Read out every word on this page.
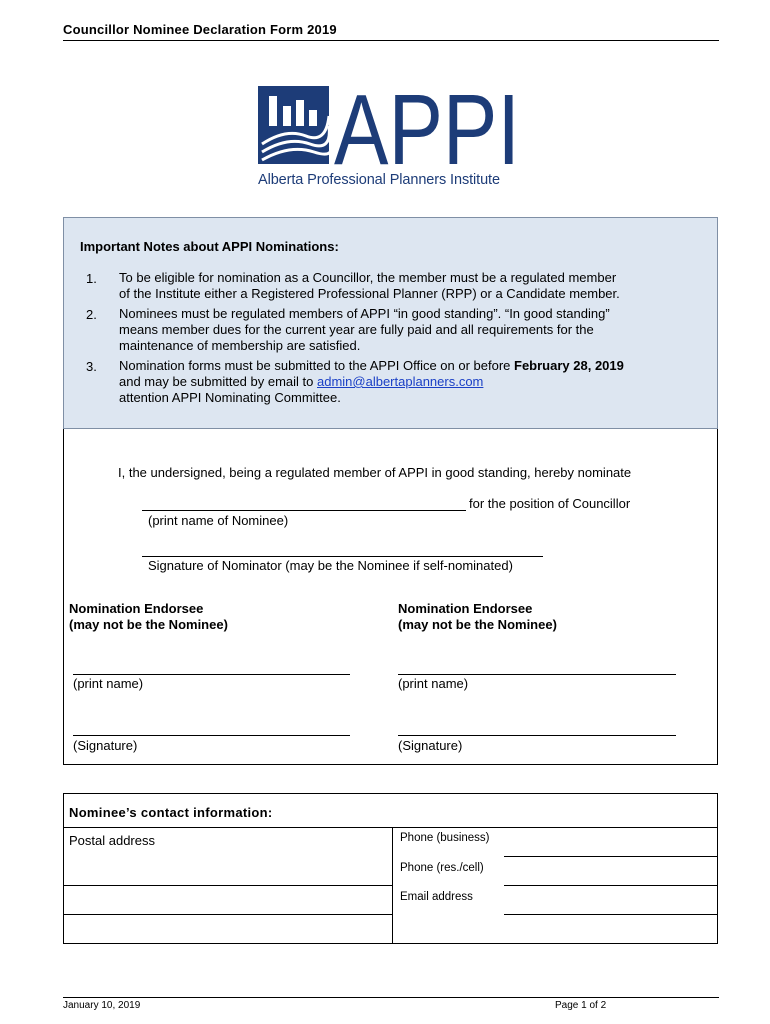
Councillor Nominee Declaration Form 2019
APPI
Alberta Professional Planners Institute
Important Notes about APPI Nominations:
1. To be eligible for nomination as a Councillor, the member must be a regulated member
of the Institute either a Registered Professional Planner (RPP) or a Candidate member.
2. Nominees must be regulated members of APPI “in good standing”. “In good standing”
means member dues for the current year are fully paid and all requirements for the
maintenance of membership are satisfied.
3. Nomination forms must be submitted to the APPI Office on or before February 28, 2019
and may be submitted by email to admin@albertaplanners.com
attention APPI Nominating Committee.
I, the undersigned, being a regulated member of APPI in good standing, hereby nominate
for the position of Councillor
(print name of Nominee)
Signature of Nominator (may be the Nominee if self-nominated)
Nomination Endorsee
(may not be the Nominee)
(print name)
(Signature)
Nomination Endorsee
(may not be the Nominee)
(print name)
(Signature)
Nominee’s contact information:
Postal address	Phone (business)
Phone (res./cell)
Email address
January 10, 2019	Page 1 of 2
